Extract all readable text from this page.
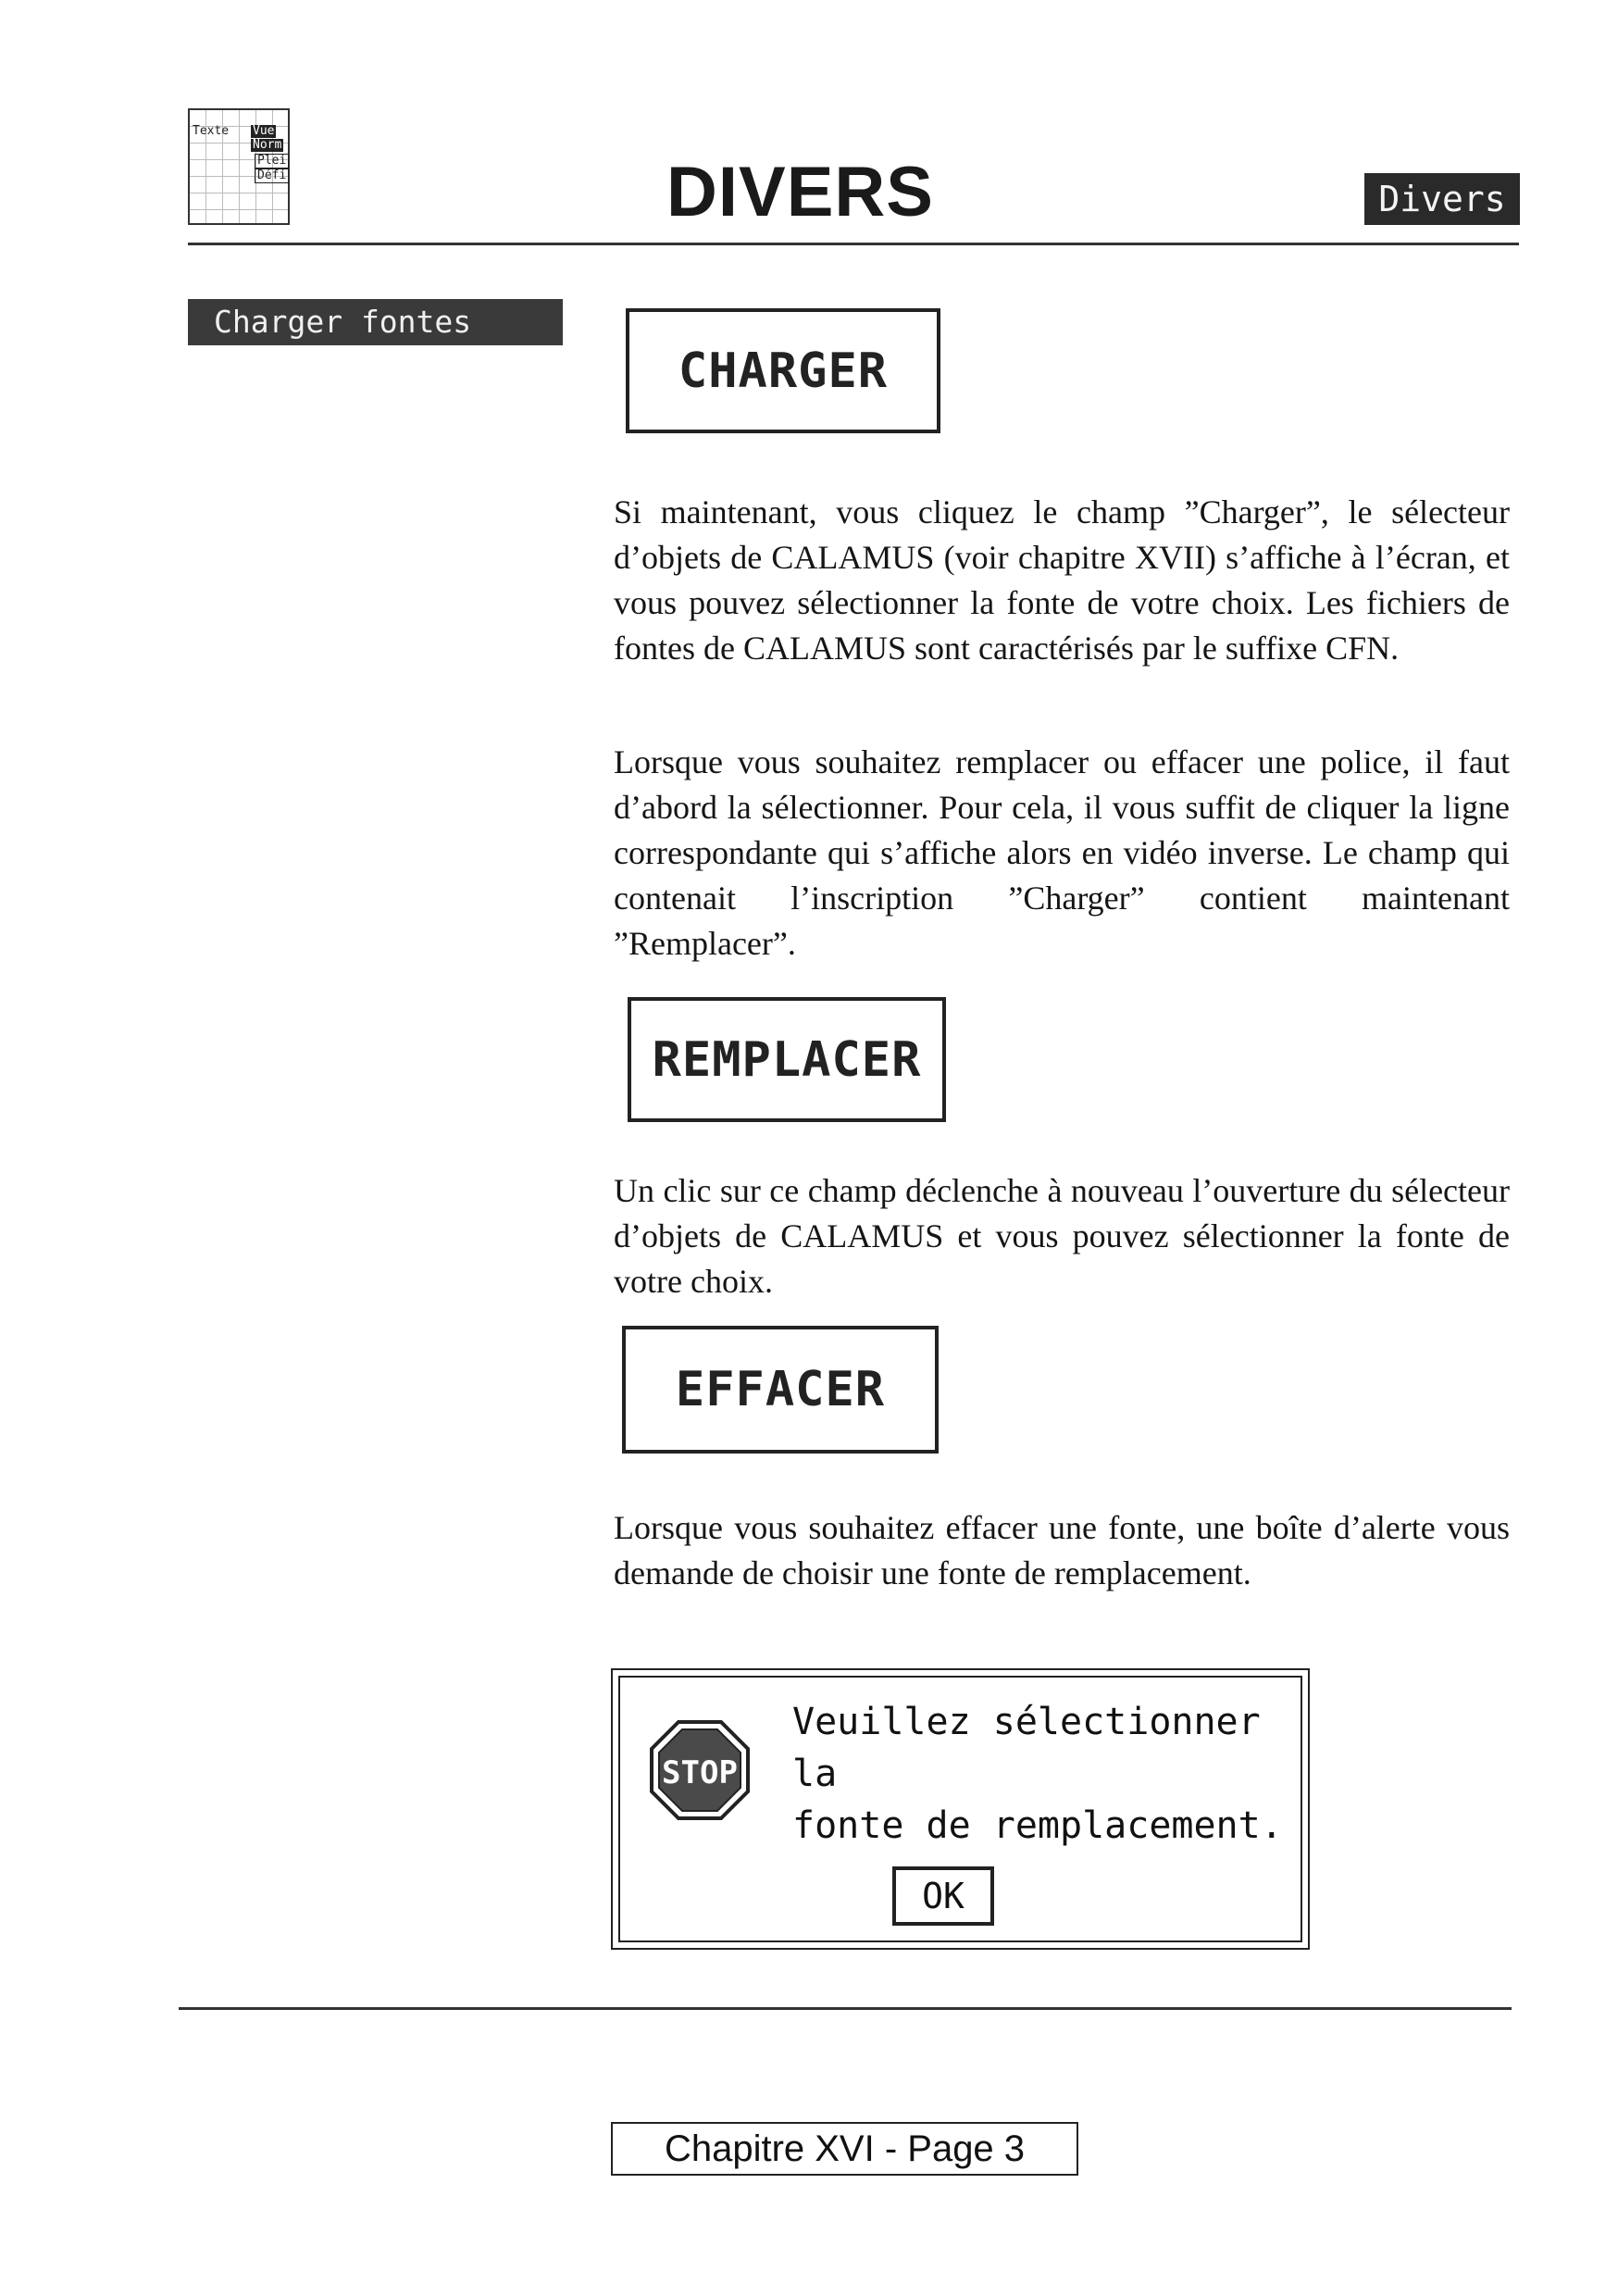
Texte Vue
Norm
Plei
Défi	DIVERS	Divers
Charger fontes
CHARGER
Si maintenant, vous cliquez le champ ”Charger”, le sélecteur d’objets de CALAMUS (voir chapitre XVII) s’affiche à l’écran, et vous pouvez sélectionner la fonte de votre choix. Les fichiers de fontes de CALAMUS sont caractérisés par le suffixe CFN.
Lorsque vous souhaitez remplacer ou effacer une police, il faut d’abord la sélectionner. Pour cela, il vous suffit de cliquer la ligne correspondante qui s’affiche alors en vidéo inverse. Le champ qui contenait l’inscription ”Charger” contient maintenant ”Remplacer”.
REMPLACER
Un clic sur ce champ déclenche à nouveau l’ouverture du sélecteur d’objets de CALAMUS et vous pouvez sélectionner la fonte de votre choix.
EFFACER
Lorsque vous souhaitez effacer une fonte, une boîte d’alerte vous demande de choisir une fonte de remplacement.
STOP
Veuillez sélectionner la
fonte de remplacement.
OK
Chapitre XVI - Page 3
